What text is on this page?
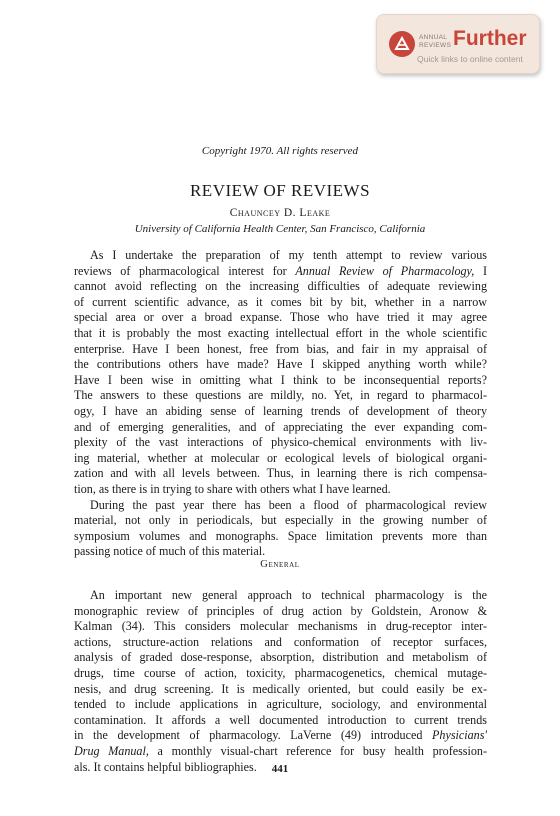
ANNUAL
REVIEWS Further
Quick links to online content
Copyright 1970. All rights reserved
REVIEW OF REVIEWS
Chauncey D. Leake
University of California Health Center, San Francisco, California
As I undertake the preparation of my tenth attempt to review various
reviews of pharmacological interest for Annual Review of Pharmacology, I
cannot avoid reflecting on the increasing difficulties of adequate reviewing
of current scientific advance, as it comes bit by bit, whether in a narrow
special area or over a broad expanse. Those who have tried it may agree
that it is probably the most exacting intellectual effort in the whole scientific
enterprise. Have I been honest, free from bias, and fair in my appraisal of
the contributions others have made? Have I skipped anything worth while?
Have I been wise in omitting what I think to be inconsequential reports?
The answers to these questions are mildly, no. Yet, in regard to pharmacol-
ogy, I have an abiding sense of learning trends of development of theory
and of emerging generalities, and of appreciating the ever expanding com-
plexity of the vast interactions of physico-chemical environments with liv-
ing material, whether at molecular or ecological levels of biological organi-
zation and with all levels between. Thus, in learning there is rich compensa-
tion, as there is in trying to share with others what I have learned.
During the past year there has been a flood of pharmacological review
material, not only in periodicals, but especially in the growing number of
symposium volumes and monographs. Space limitation prevents more than
passing notice of much of this material.
General
An important new general approach to technical pharmacology is the
monographic review of principles of drug action by Goldstein, Aronow &
Kalman (34). This considers molecular mechanisms in drug-receptor inter-
actions, structure-action relations and conformation of receptor surfaces,
analysis of graded dose-response, absorption, distribution and metabolism of
drugs, time course of action, toxicity, pharmacogenetics, chemical mutage-
nesis, and drug screening. It is medically oriented, but could easily be ex-
tended to include applications in agriculture, sociology, and environmental
contamination. It affords a well documented introduction to current trends
in the development of pharmacology. LaVerne (49) introduced Physicians'
Drug Manual, a monthly visual-chart reference for busy health profession-
als. It contains helpful bibliographies.	441
